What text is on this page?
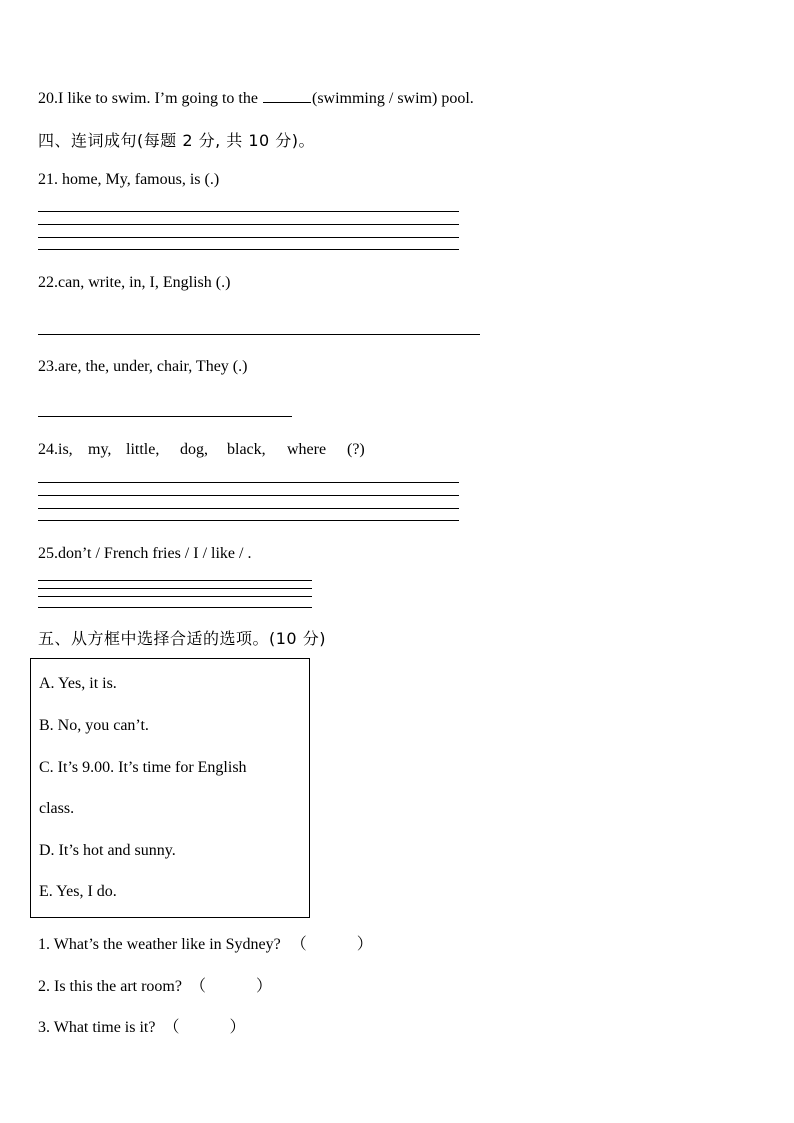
20.I like to swim. I’m going to the	(swimming / swim) pool.
四、连词成句(每题 2 分, 共 10 分)。
21. home, My, famous, is (.)
22.can, write, in, I, English (.)
23.are, the, under, chair, They (.)
24.is, my, little, dog, black, where (?)
25.don’t / French fries / I / like / .
五、从方框中选择合适的选项。(10 分)
A. Yes, it is.
B. No, you can’t.
C. It’s 9.00. It’s time for English
class.
D. It’s hot and sunny.
E. Yes, I do.
1. What’s the weather like in Sydney? （	）
2. Is this the art room? （	）
3. What time is it? （	）
